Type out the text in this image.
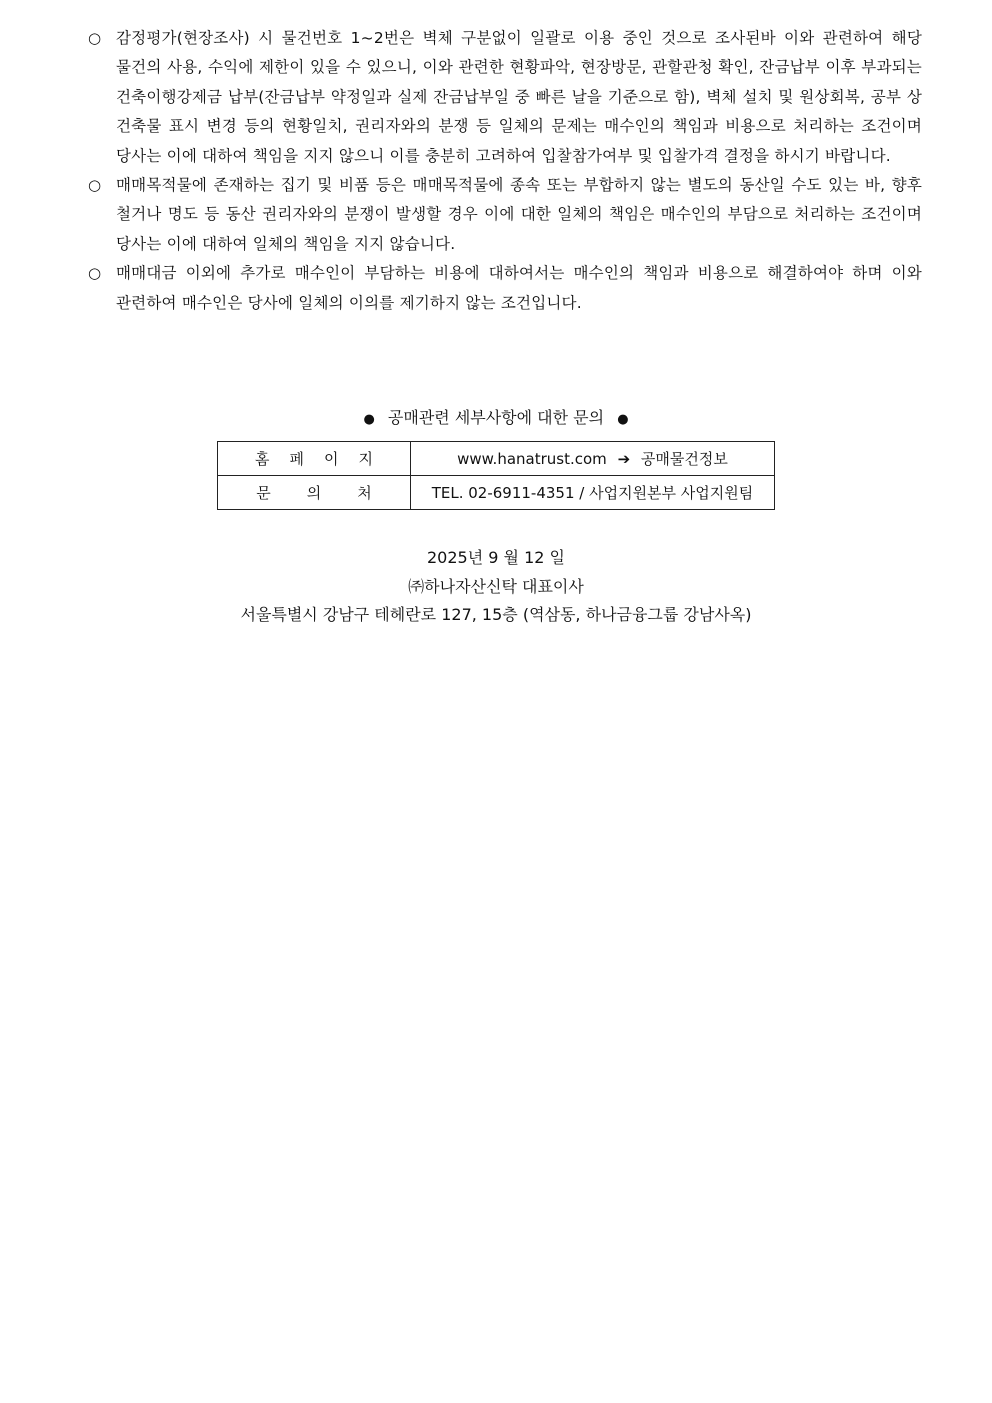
○ 감정평가(현장조사) 시 물건번호 1~2번은 벽체 구분없이 일괄로 이용 중인 것으로 조사된바 이와 관련하여 해당 물건의 사용, 수익에 제한이 있을 수 있으니, 이와 관련한 현황파악, 현장방문, 관할관청 확인, 잔금납부 이후 부과되는 건축이행강제금 납부(잔금납부 약정일과 실제 잔금납부일 중 빠른 날을 기준으로 함), 벽체 설치 및 원상회복, 공부 상 건축물 표시 변경 등의 현황일치, 권리자와의 분쟁 등 일체의 문제는 매수인의 책임과 비용으로 처리하는 조건이며 당사는 이에 대하여 책임을 지지 않으니 이를 충분히 고려하여 입찰참가여부 및 입찰가격 결정을 하시기 바랍니다.
○ 매매목적물에 존재하는 집기 및 비품 등은 매매목적물에 종속 또는 부합하지 않는 별도의 동산일 수도 있는 바, 향후 철거나 명도 등 동산 권리자와의 분쟁이 발생할 경우 이에 대한 일체의 책임은 매수인의 부담으로 처리하는 조건이며 당사는 이에 대하여 일체의 책임을 지지 않습니다.
○ 매매대금 이외에 추가로 매수인이 부담하는 비용에 대하여서는 매수인의 책임과 비용으로 해결하여야 하며 이와 관련하여 매수인은 당사에 일체의 이의를 제기하지 않는 조건입니다.
● 공매관련 세부사항에 대한 문의 ●
홈페이지	www.hanatrust.com ➔ 공매물건정보
문의처	TEL. 02-6911-4351 / 사업지원본부 사업지원팀
2025년 9 월 12 일
㈜하나자산신탁 대표이사
서울특별시 강남구 테헤란로 127, 15층 (역삼동, 하나금융그룹 강남사옥)
